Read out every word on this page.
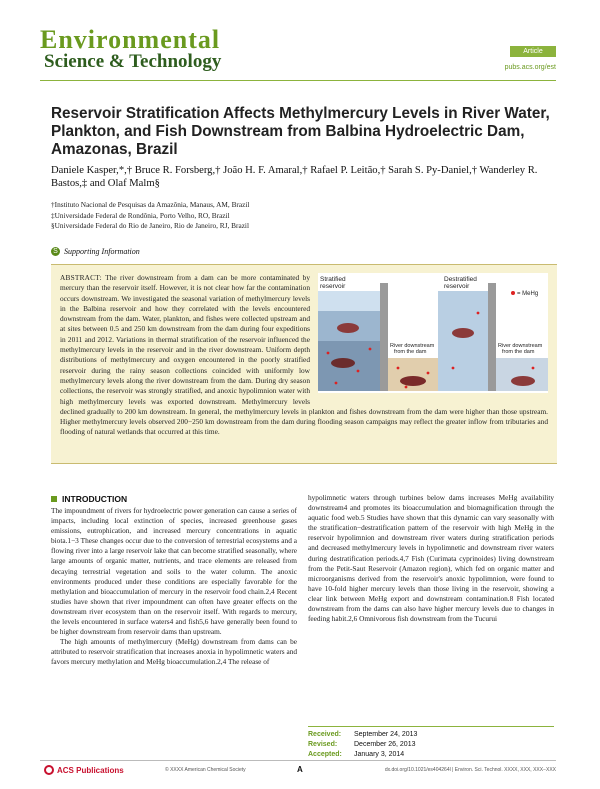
Environmental
Science & Technology	Article
pubs.acs.org/est
Reservoir Stratification Affects Methylmercury Levels in River Water, Plankton, and Fish Downstream from Balbina Hydroelectric Dam, Amazonas, Brazil
Daniele Kasper,*,† Bruce R. Forsberg,† João H. F. Amaral,† Rafael P. Leitão,† Sarah S. Py-Daniel,† Wanderley R. Bastos,‡ and Olaf Malm§
†Instituto Nacional de Pesquisas da Amazônia, Manaus, AM, Brazil
‡Universidade Federal de Rondônia, Porto Velho, RO, Brazil
§Universidade Federal do Rio de Janeiro, Rio de Janeiro, RJ, Brazil
S Supporting Information
Stratified
reservoir
Destratified
reservoir
= MeHg
River downstream
from the dam
River downstream
from the dam
ABSTRACT: The river downstream from a dam can be more contaminated by mercury than the reservoir itself. However, it is not clear how far the contamination occurs downstream. We investigated the seasonal variation of methylmercury levels in the Balbina reservoir and how they correlated with the levels encountered downstream from the dam. Water, plankton, and fishes were collected upstream and at sites between 0.5 and 250 km downstream from the dam during four expeditions in 2011 and 2012. Variations in thermal stratification of the reservoir influenced the methylmercury levels in the reservoir and in the river downstream. Uniform depth distributions of methylmercury and oxygen encountered in the poorly stratified reservoir during the rainy season collections coincided with uniformly low methylmercury levels along the river downstream from the dam. During dry season collections, the reservoir was strongly stratified, and anoxic hypolimnion water with high methylmercury levels was exported downstream. Methylmercury levels declined gradually to 200 km downstream. In general, the methylmercury levels in plankton and fishes downstream from the dam were higher than those upstream. Higher methylmercury levels observed 200−250 km downstream from the dam during flooding season campaigns may reflect the greater inflow from tributaries and flooding of natural wetlands that occurred at this time.
INTRODUCTION

The impoundment of rivers for hydroelectric power generation can cause a series of impacts, including local extinction of species, increased greenhouse gases emissions, eutrophication, and increased mercury concentrations in aquatic biota.1−3 These changes occur due to the conversion of terrestrial ecosystems and a flowing river into a large reservoir lake that can become stratified seasonally, where large amounts of organic matter, nutrients, and trace elements are released from decaying terrestrial vegetation and soils to the water column. The anoxic environments produced under these conditions are especially favorable for the methylation and bioaccumulation of mercury in the reservoir food chain.2,4 Recent studies have shown that river impoundment can often have greater effects on the downstream river ecosystem than on the reservoir itself. With regards to mercury, the levels encountered in surface waters4 and fish5,6 have generally been found to be higher downstream from reservoir dams than upstream.

The high amounts of methylmercury (MeHg) downstream from dams can be attributed to reservoir stratification that increases anoxia in hypolimnetic waters and favors mercury methylation and MeHg bioaccumulation.2,4 The release of

hypolimnetic waters through turbines below dams increases MeHg availability downstream4 and promotes its bioaccumulation and biomagnification through the aquatic food web.5 Studies have shown that this dynamic can vary seasonally with the stratification−destratification pattern of the reservoir with high MeHg in the reservoir hypolimnion and downstream river waters during stratification periods and decreased methylmercury levels in hypolimnetic and downstream river waters during destratification periods.4,7 Fish (Curimata cyprinoides) living downstream from the Petit-Saut Reservoir (Amazon region), which fed on organic matter and microorganisms derived from the reservoir's anoxic hypolimnion, were found to have 10-fold higher mercury levels than those living in the reservoir, showing a clear link between MeHg export and downstream contamination.8 Fish located downstream from the dams can also have higher mercury levels due to changes in feeding habit.2,6 Omnivorous fish downstream from the Tucurui

Received:	September 24, 2013
Revised:	December 26, 2013
Accepted:	January 3, 2014
ACS Publications	© XXXX American Chemical Society	A	dx.doi.org/10.1021/es404264l | Environ. Sci. Technol. XXXX, XXX, XXX−XXX
